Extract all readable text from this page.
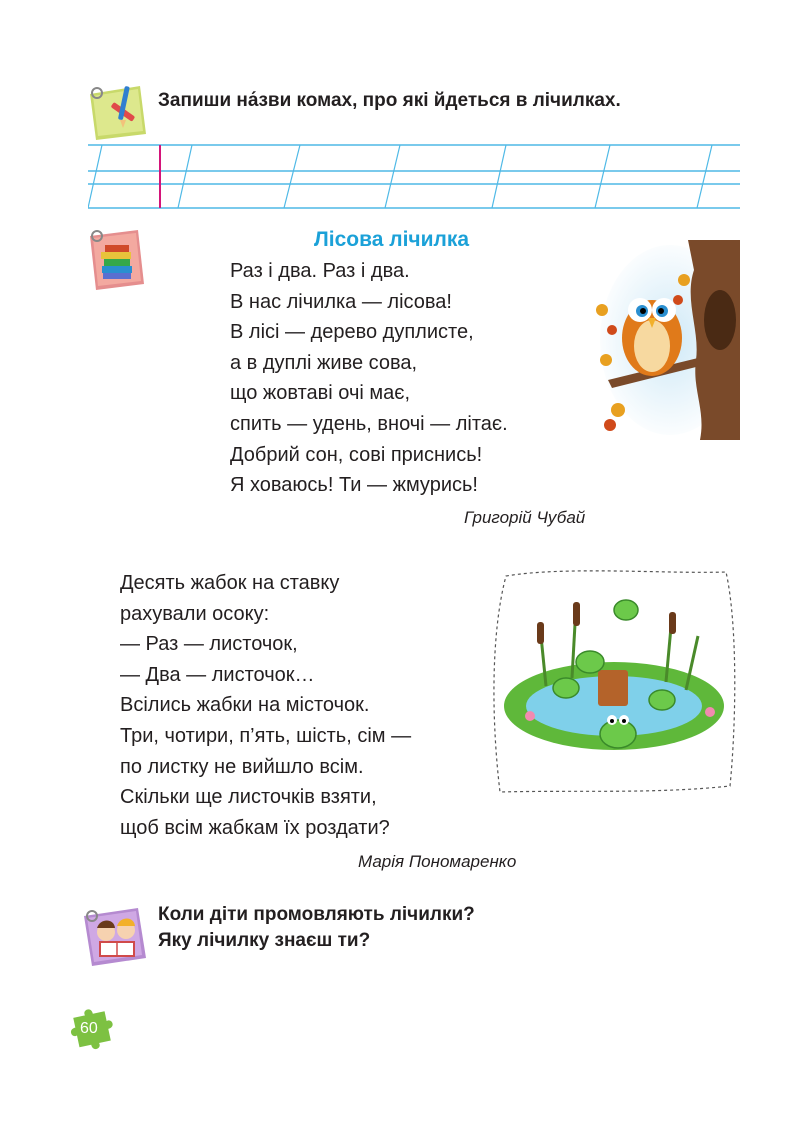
Запиши на́зви комах, про які йдеться в лічилках.
Лісова лічилка
Раз і два. Раз і два.
В нас лічилка — лісова!
В лісі — дерево дуплисте,
а в дуплі живе сова,
що жовтаві очі має,
спить — удень, вночі — літає.
Добрий сон, сові приснись!
Я ховаюсь! Ти — жмурись!
Григорій Чубай
Десять жабок на ставку
рахували осоку:
— Раз — листочок,
— Два — листочок…
Всілись жабки на місточок.
Три, чотири, п’ять, шість, сім —
по листку не вийшло всім.
Скільки ще листочків взяти,
щоб всім жабкам їх роздати?
Марія Пономаренко
Коли діти промовляють лічилки?
Яку лічилку знаєш ти?
60
